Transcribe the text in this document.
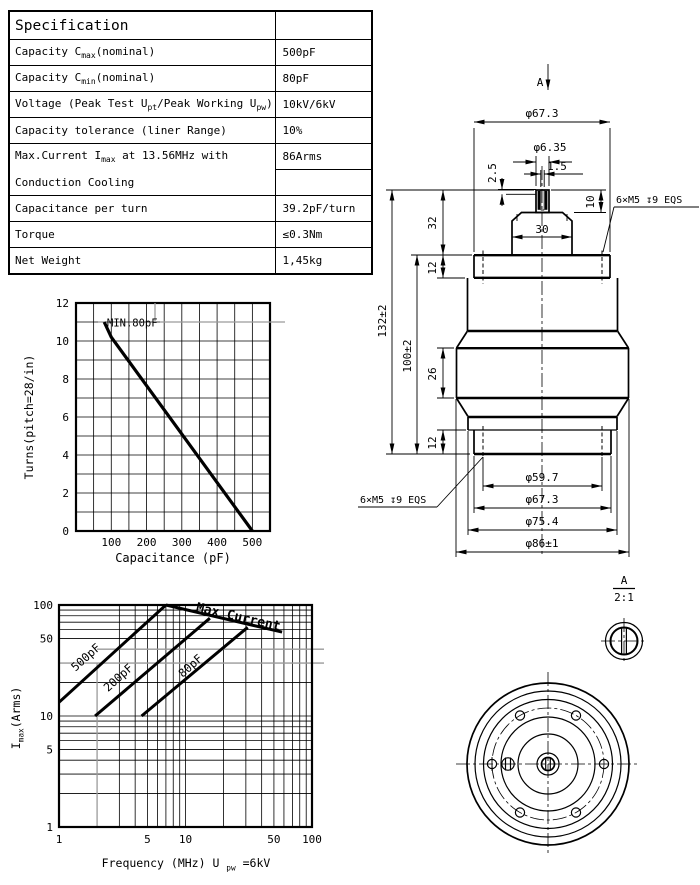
Specification	
Capacity $C_{max}(nominal)$	500pF
Capacity $C_{min}(nominal)$	80pF
Voltage (Peak Test $U_{pt}$/Peak Working $U_{pw}$)	10kV/6kV
Capacity tolerance (liner Range)	10%
Max.Current $I_{max}$ at 13.56MHz with	86Arms
Conduction Cooling	
Capacitance per turn	39.2pF/turn
Torque	≤0.3Nm
Net Weight	1,45kg
MIN.80pF
100 200 300 400 500
0
2
4
6
8
10
12
Capacitance (pF)
Turns(pitch=28/in)
500pF
200pF	80pF
Max Current
1	5	10	50 100
100
50
10
5
1
Frequency (MHz) U $_{pw}$ =6kV
$I_{max}(Arms)$
A
φ67.3
φ6.35
1.5
2.5
10
30
32
12
26
12
100±2
132±2
φ59.7
φ67.3
φ75.4
φ86±1
6×M5 ↧9 EQS
6×M5 ↧9 EQS
A
2:1
